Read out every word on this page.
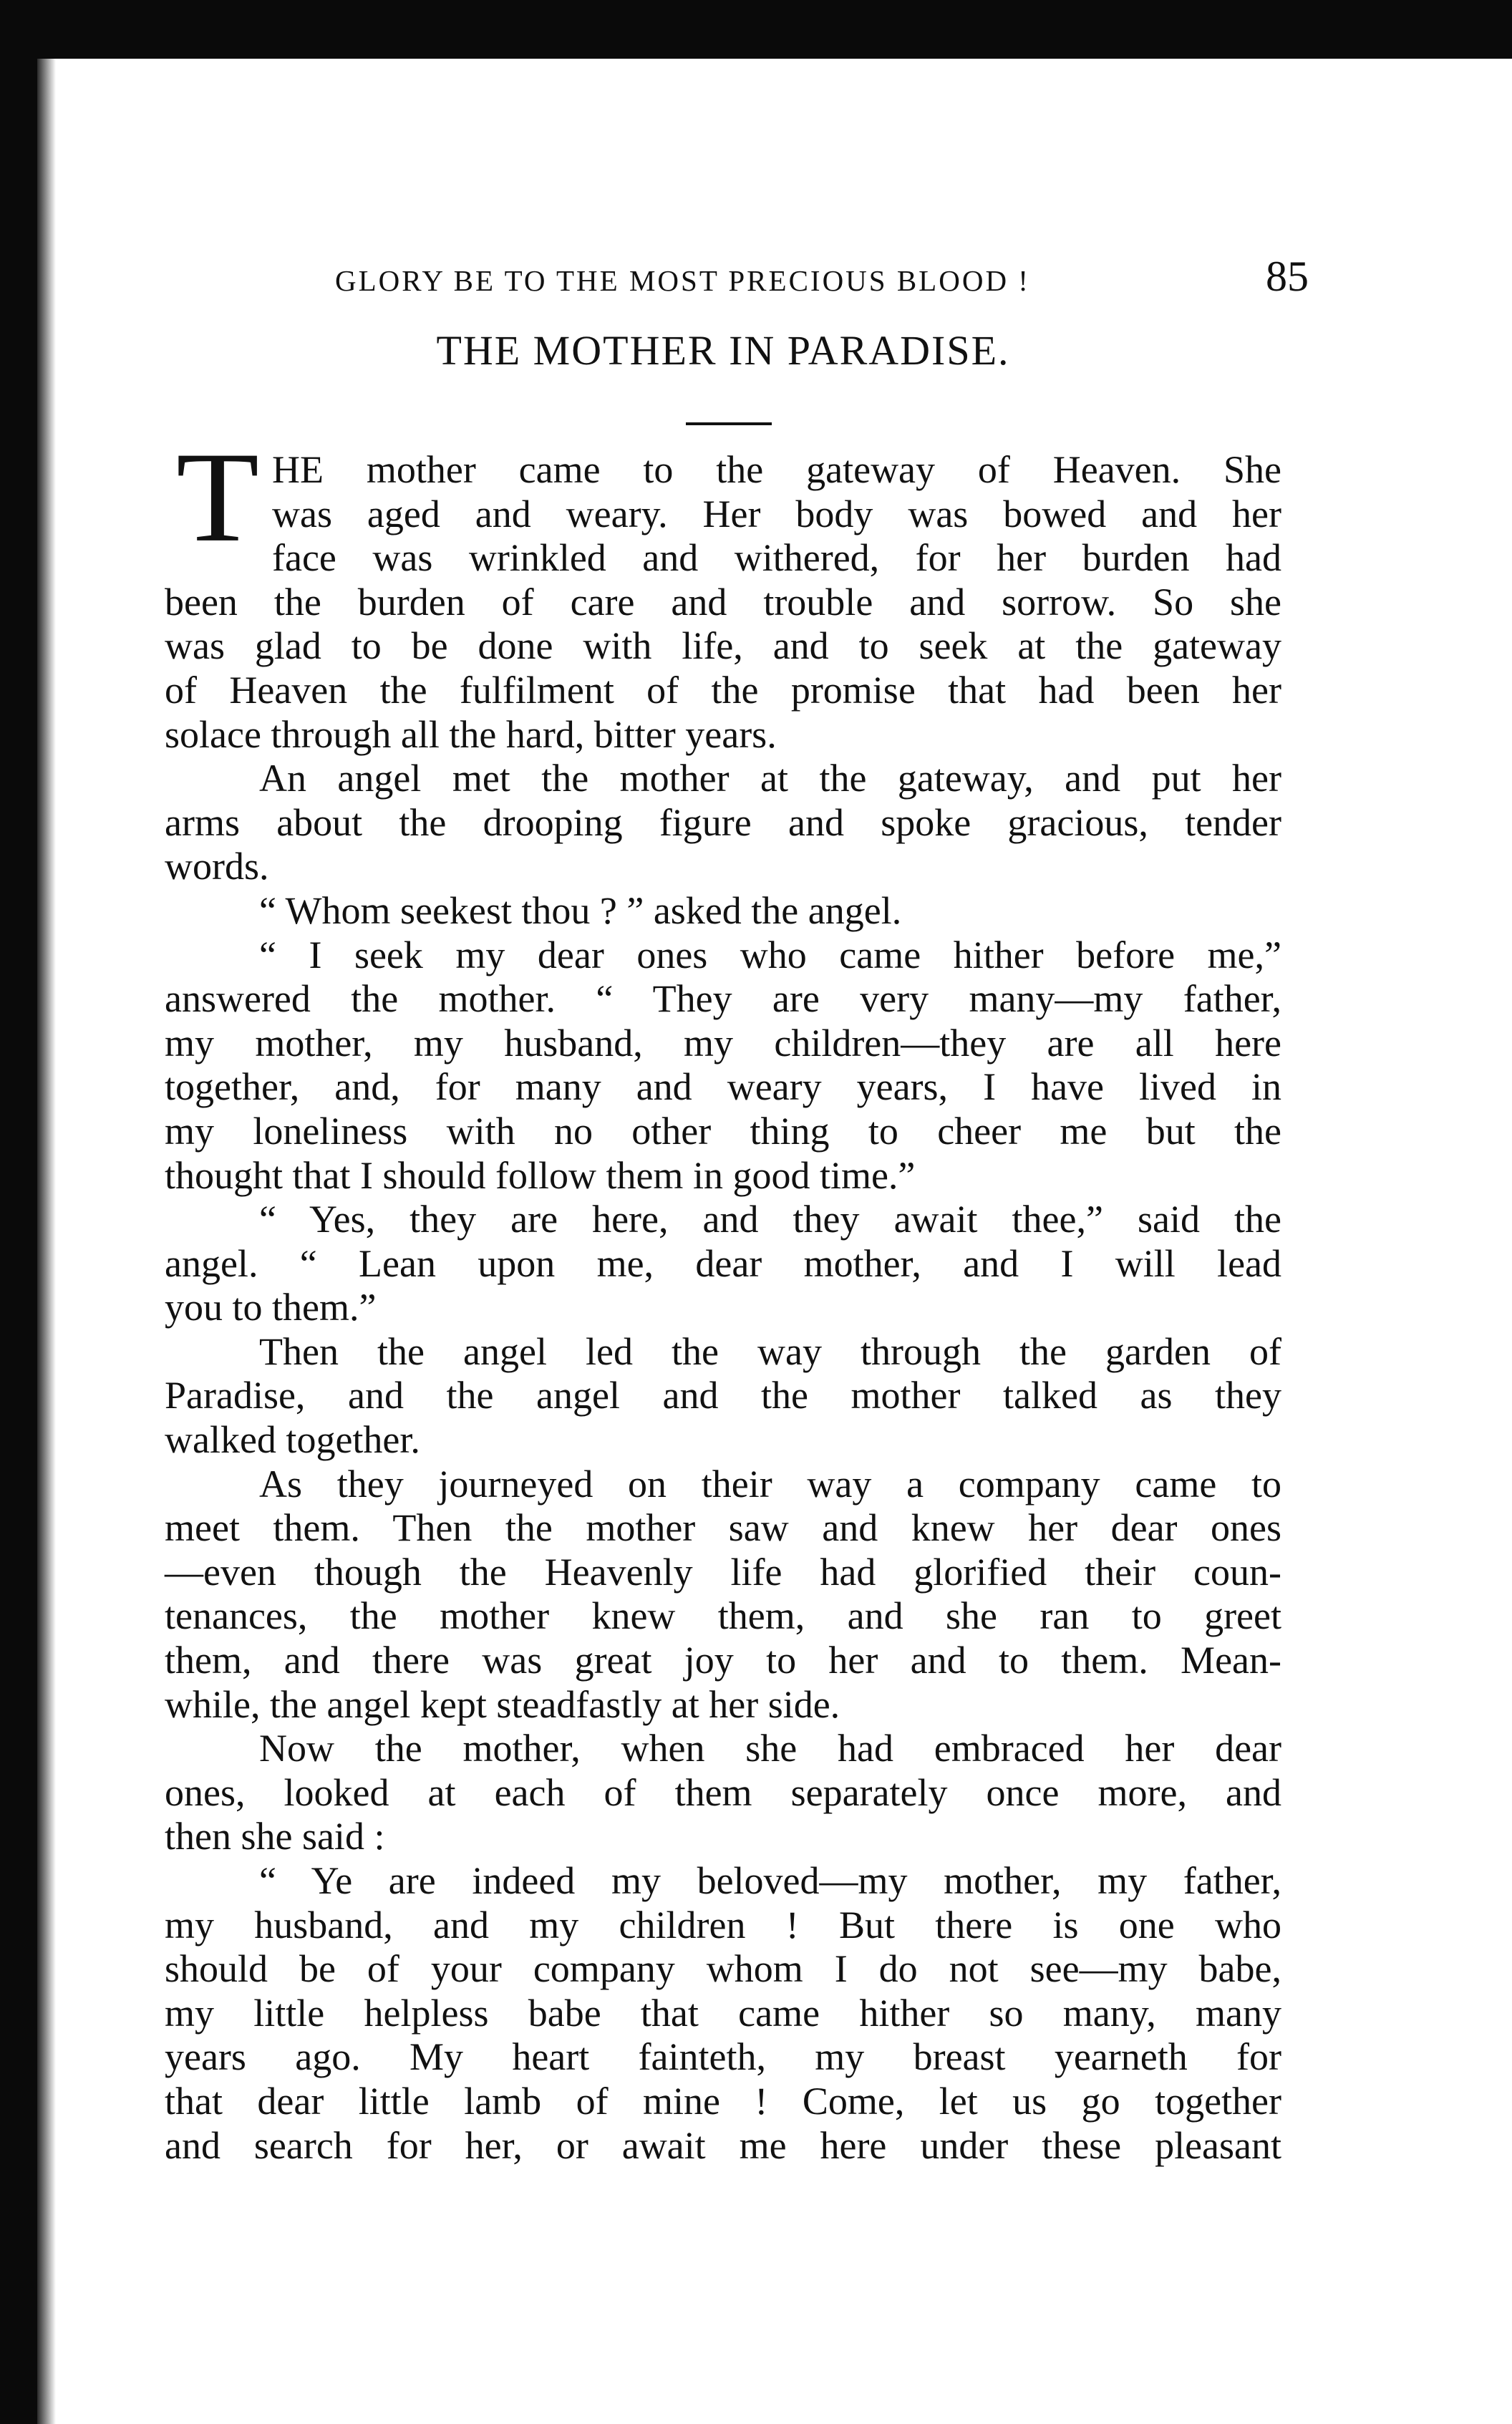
GLORY BE TO THE MOST PRECIOUS BLOOD !	85
THE MOTHER IN PARADISE.
T HE mother came to the gateway of Heaven. She
was aged and weary. Her body was bowed and her
face was wrinkled and withered, for her burden had
been the burden of care and trouble and sorrow. So she
was glad to be done with life, and to seek at the gateway
of Heaven the fulfilment of the promise that had been her
solace through all the hard, bitter years.
An angel met the mother at the gateway, and put her
arms about the drooping figure and spoke gracious, tender
words.
“ Whom seekest thou ? ” asked the angel.
“ I seek my dear ones who came hither before me,”
answered the mother. “ They are very many—my father,
my mother, my husband, my children—they are all here
together, and, for many and weary years, I have lived in
my loneliness with no other thing to cheer me but the
thought that I should follow them in good time.”
“ Yes, they are here, and they await thee,” said the
angel. “ Lean upon me, dear mother, and I will lead
you to them.”
Then the angel led the way through the garden of
Paradise, and the angel and the mother talked as they
walked together.
As they journeyed on their way a company came to
meet them. Then the mother saw and knew her dear ones
—even though the Heavenly life had glorified their coun-
tenances, the mother knew them, and she ran to greet
them, and there was great joy to her and to them. Mean-
while, the angel kept steadfastly at her side.
Now the mother, when she had embraced her dear
ones, looked at each of them separately once more, and
then she said :
“ Ye are indeed my beloved—my mother, my father,
my husband, and my children ! But there is one who
should be of your company whom I do not see—my babe,
my little helpless babe that came hither so many, many
years ago. My heart fainteth, my breast yearneth for
that dear little lamb of mine ! Come, let us go together
and search for her, or await me here under these pleasant
